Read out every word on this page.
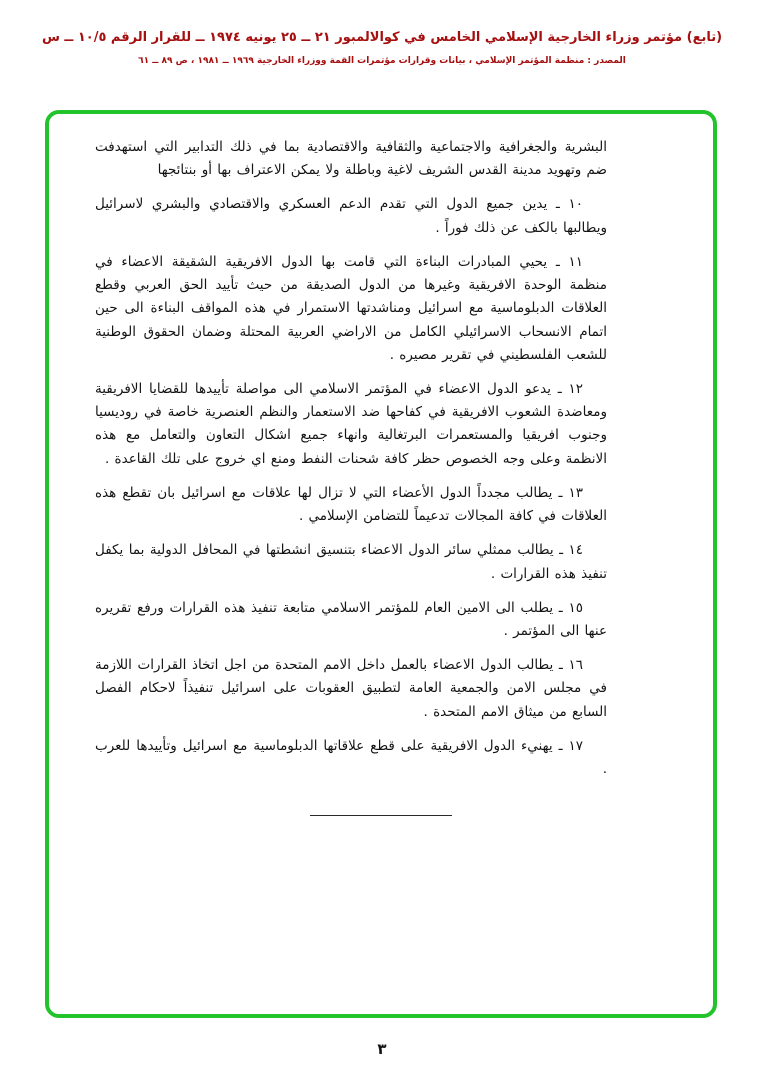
(تابع) مؤتمر وزراء الخارجية الإسلامي الخامس في كوالالمبور ٢١ ــ ٢٥ يونيه ١٩٧٤ ــ للقرار الرقم ١٠/٥ ــ س
المصدر : منظمة المؤتمر الإسلامي ، بيانات وقرارات مؤتمرات القمة ووزراء الخارجية ١٩٦٩ ــ ١٩٨١ ، ص ٨٩ ــ ٦١

البشرية والجغرافية والاجتماعية والثقافية والاقتصادية بما في ذلك التدابير التي استهدفت ضم وتهويد مدينة القدس الشريف لاغية وباطلة ولا يمكن الاعتراف بها أو بنتائجها

١٠ ـ يدين جميع الدول التي تقدم الدعم العسكري والاقتصادي والبشري لاسرائيل ويطالبها بالكف عن ذلك فوراً .

١١ ـ يحيي المبادرات البناءة التي قامت بها الدول الافريقية الشقيقة الاعضاء في منظمة الوحدة الافريقية وغيرها من الدول الصديقة من حيث تأييد الحق العربي وقطع العلاقات الدبلوماسية مع اسرائيل ومناشدتها الاستمرار في هذه المواقف البناءة الى حين اتمام الانسحاب الاسرائيلي الكامل من الاراضي العربية المحتلة وضمان الحقوق الوطنية للشعب الفلسطيني في تقرير مصيره .

١٢ ـ يدعو الدول الاعضاء في المؤتمر الاسلامي الى مواصلة تأييدها للقضايا الافريقية ومعاضدة الشعوب الافريقية في كفاحها ضد الاستعمار والنظم العنصرية خاصة في روديسيا وجنوب افريقيا والمستعمرات البرتغالية وانهاء جميع اشكال التعاون والتعامل مع هذه الانظمة وعلى وجه الخصوص حظر كافة شحنات النفط ومنع اي خروج على تلك القاعدة .

١٣ ـ يطالب مجدداً الدول الأعضاء التي لا تزال لها علاقات مع اسرائيل بان تقطع هذه العلاقات في كافة المجالات تدعيماً للتضامن الإسلامي .

١٤ ـ يطالب ممثلي سائر الدول الاعضاء بتنسيق انشطتها في المحافل الدولية بما يكفل تنفيذ هذه القرارات .

١٥ ـ يطلب الى الامين العام للمؤتمر الاسلامي متابعة تنفيذ هذه القرارات ورفع تقريره عنها الى المؤتمر .

١٦ ـ يطالب الدول الاعضاء بالعمل داخل الامم المتحدة من اجل اتخاذ القرارات اللازمة في مجلس الامن والجمعية العامة لتطبيق العقوبات على اسرائيل تنفيذاً لاحكام الفصل السابع من ميثاق الامم المتحدة .

١٧ ـ يهنيء الدول الافريقية على قطع علاقاتها الدبلوماسية مع اسرائيل وتأييدها للعرب .

٣
